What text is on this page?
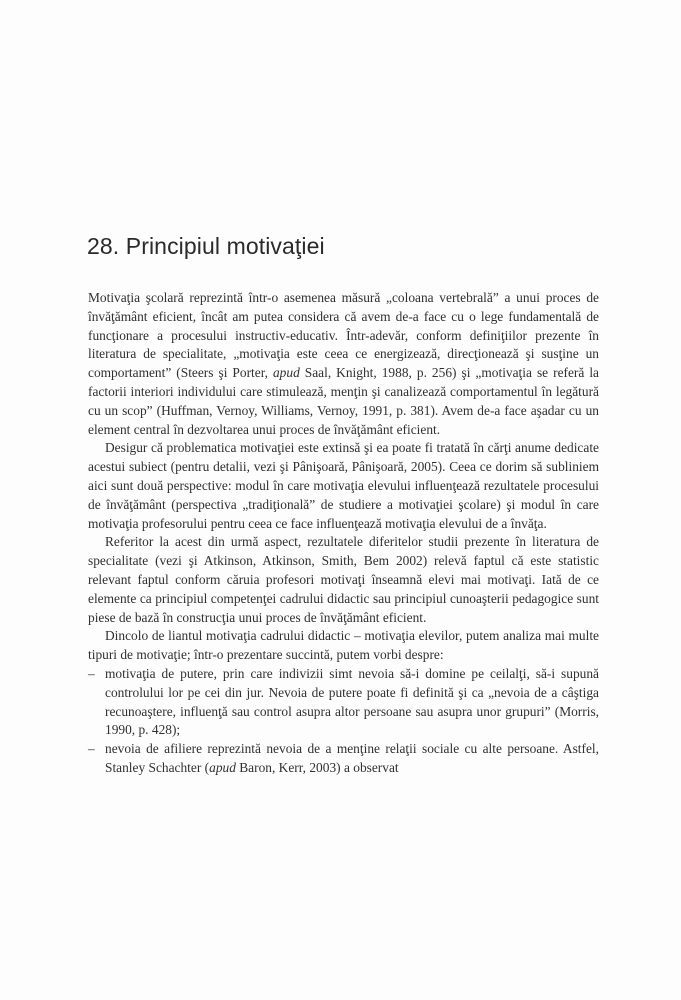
28. Principiul motivaţiei

Motivaţia şcolară reprezintă într-o asemenea măsură „coloana vertebrală” a unui proces de învăţământ eficient, încât am putea considera că avem de-a face cu o lege fundamentală de funcţionare a procesului instructiv-educativ. Într-adevăr, conform definiţiilor prezente în literatura de specialitate, „motivaţia este ceea ce energizează, direcţionează şi susţine un comportament” (Steers şi Porter, apud Saal, Knight, 1988, p. 256) şi „motivaţia se referă la factorii interiori individului care stimulează, menţin şi canalizează comportamentul în legătură cu un scop” (Huffman, Vernoy, Williams, Vernoy, 1991, p. 381). Avem de-a face aşadar cu un element central în dezvoltarea unui proces de învăţământ eficient.

Desigur că problematica motivaţiei este extinsă şi ea poate fi tratată în cărţi anume dedicate acestui subiect (pentru detalii, vezi şi Pânişoară, Pânişoară, 2005). Ceea ce dorim să subliniem aici sunt două perspective: modul în care motivaţia elevului influenţează rezultatele procesului de învăţământ (perspectiva „tradiţională” de studiere a motivaţiei şcolare) şi modul în care motivaţia profesorului pentru ceea ce face influenţează motivaţia elevului de a învăţa.

Referitor la acest din urmă aspect, rezultatele diferitelor studii prezente în literatura de specialitate (vezi şi Atkinson, Atkinson, Smith, Bem 2002) relevă faptul că este statistic relevant faptul conform căruia profesori motivaţi înseamnă elevi mai motivaţi. Iată de ce elemente ca principiul competenţei cadrului didactic sau principiul cunoaşterii pedagogice sunt piese de bază în construcţia unui proces de învăţământ eficient.

Dincolo de liantul motivaţia cadrului didactic – motivaţia elevilor, putem analiza mai multe tipuri de motivaţie; într-o prezentare succintă, putem vorbi despre:

– motivaţia de putere, prin care indivizii simt nevoia să-i domine pe ceilalţi, să-i supună controlului lor pe cei din jur. Nevoia de putere poate fi definită şi ca „nevoia de a câştiga recunoaştere, influenţă sau control asupra altor persoane sau asupra unor grupuri” (Morris, 1990, p. 428);
– nevoia de afiliere reprezintă nevoia de a menţine relaţii sociale cu alte persoane. Astfel, Stanley Schachter (apud Baron, Kerr, 2003) a observat
